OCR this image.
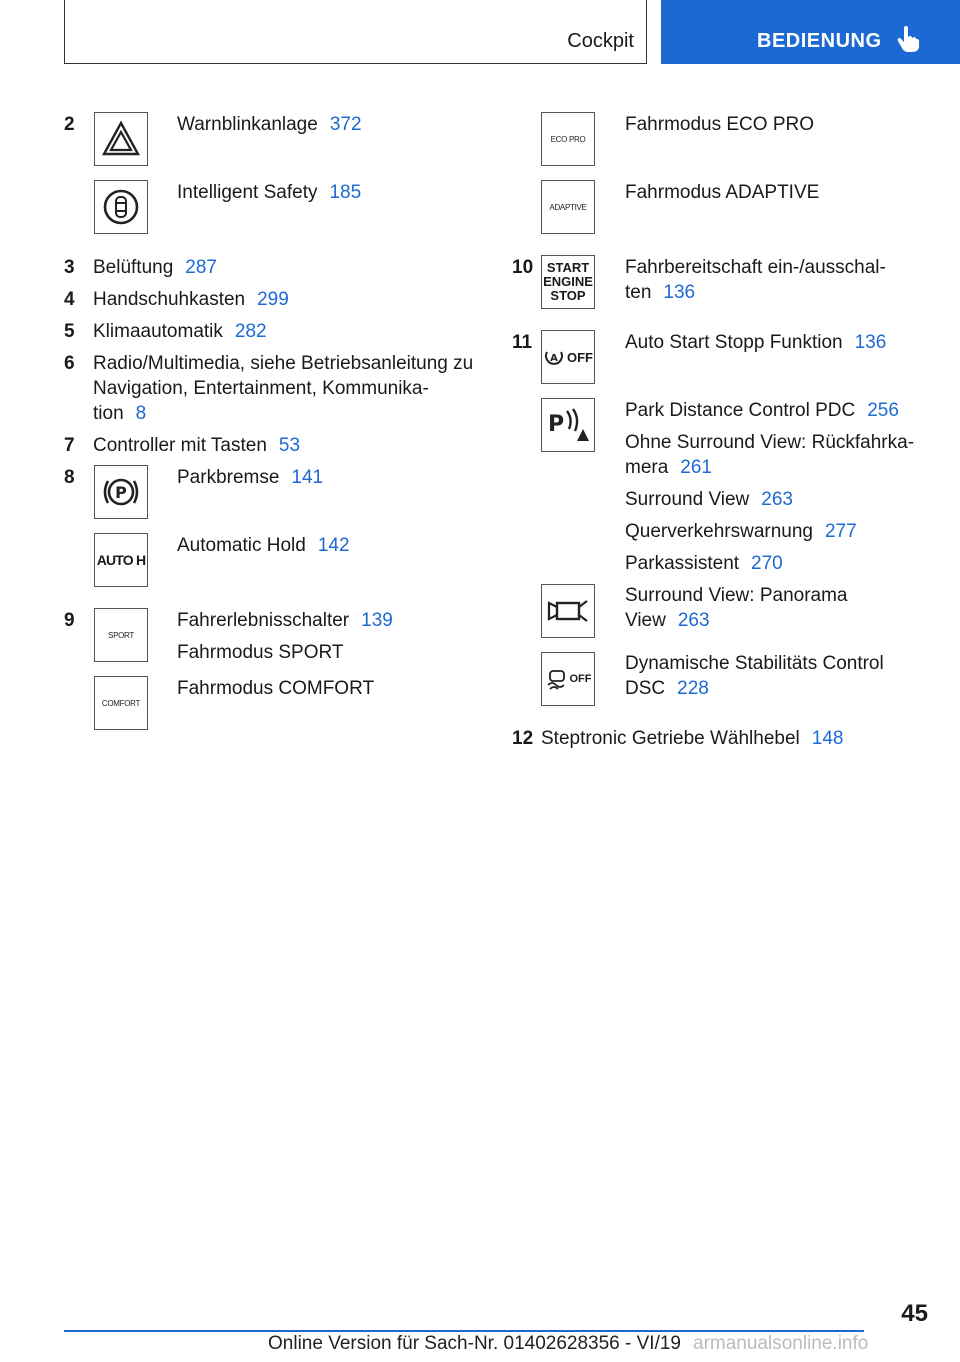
Cockpit	BEDIENUNG
2	Warnblinkanlage 372
Intelligent Safety 185
3 Belüftung 287
4 Handschuhkasten 299
5 Klimaautomatik 282
6 Radio/Multimedia, siehe Betriebsanleitung zu
Navigation, Entertainment, Kommunika-
tion 8
7 Controller mit Tasten 53
8
P
Parkbremse 141
AUTO H
Automatic Hold 142
9
SPORT
Fahrerlebnisschalter 139
Fahrmodus SPORT
COMFORT
Fahrmodus COMFORT
ECO PRO
Fahrmodus ECO PRO
ADAPTIVE
Fahrmodus ADAPTIVE
10 START
ENGINE
STOP
Fahrbereitschaft ein-/ausschal-
ten 136
11
A OFF
Auto Start Stopp Funktion 136
P
Park Distance Control PDC 256
Ohne Surround View: Rückfahrka-
mera 261
Surround View 263
Querverkehrswarnung 277
Parkassistent 270
Surround View: Panorama
View 263
OFF
Dynamische Stabilitäts Control
DSC 228
12 Steptronic Getriebe Wählhebel 148
45
Online Version für Sach-Nr. 01402628356 - VI/19 armanualsonline.info
